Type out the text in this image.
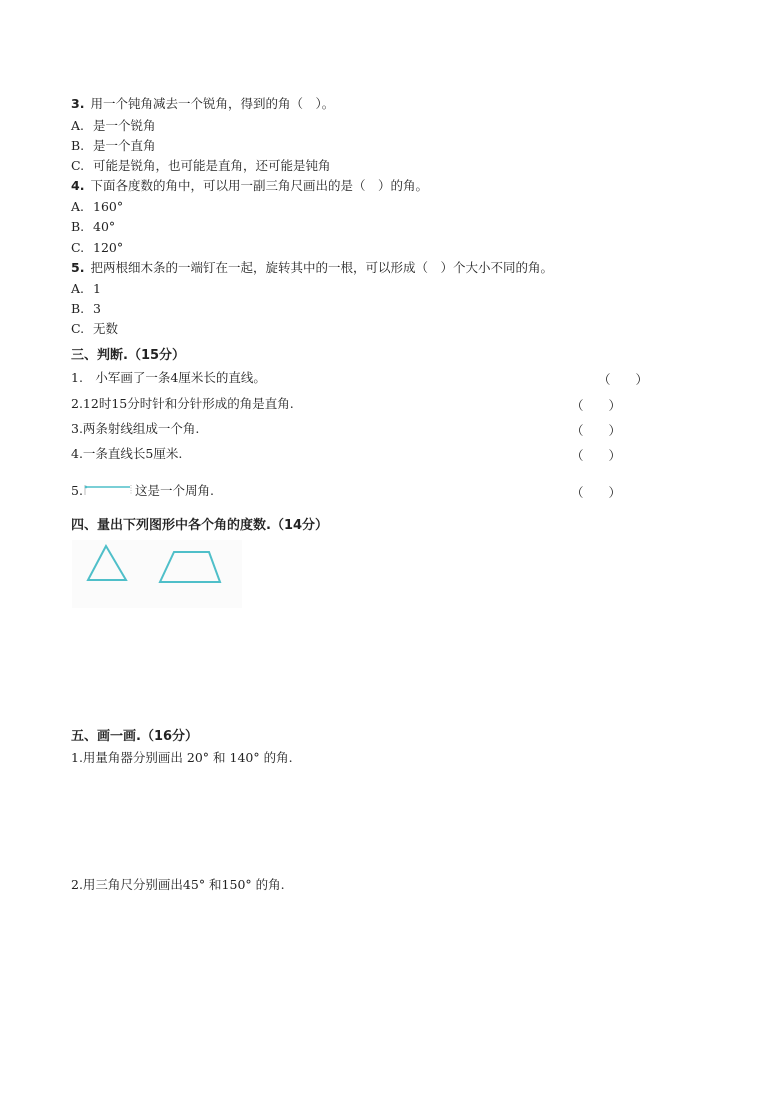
3. 用一个钝角减去一个锐角，得到的角（　）。
A. 是一个锐角
B. 是一个直角
C. 可能是锐角，也可能是直角，还可能是钝角
4. 下面各度数的角中，可以用一副三角尺画出的是（　）的角。
A. 160°
B. 40°
C. 120°
5. 把两根细木条的一端钉在一起，旋转其中的一根，可以形成（　）个大小不同的角。
A. 1
B. 3
C. 无数
三、判断.（15分）
1.　小军画了一条4厘米长的直线。	（　　）
2.12时15分时针和分针形成的角是直角.	（　　）
3.两条射线组成一个角.	（　　）
4.一条直线长5厘米.	（　　）
5.	这是一个周角.	（　　）
四、量出下列图形中各个角的度数.（14分）
五、画一画.（16分）
1.用量角器分别画出 20° 和 140° 的角.
2.用三角尺分别画出45° 和150° 的角.
